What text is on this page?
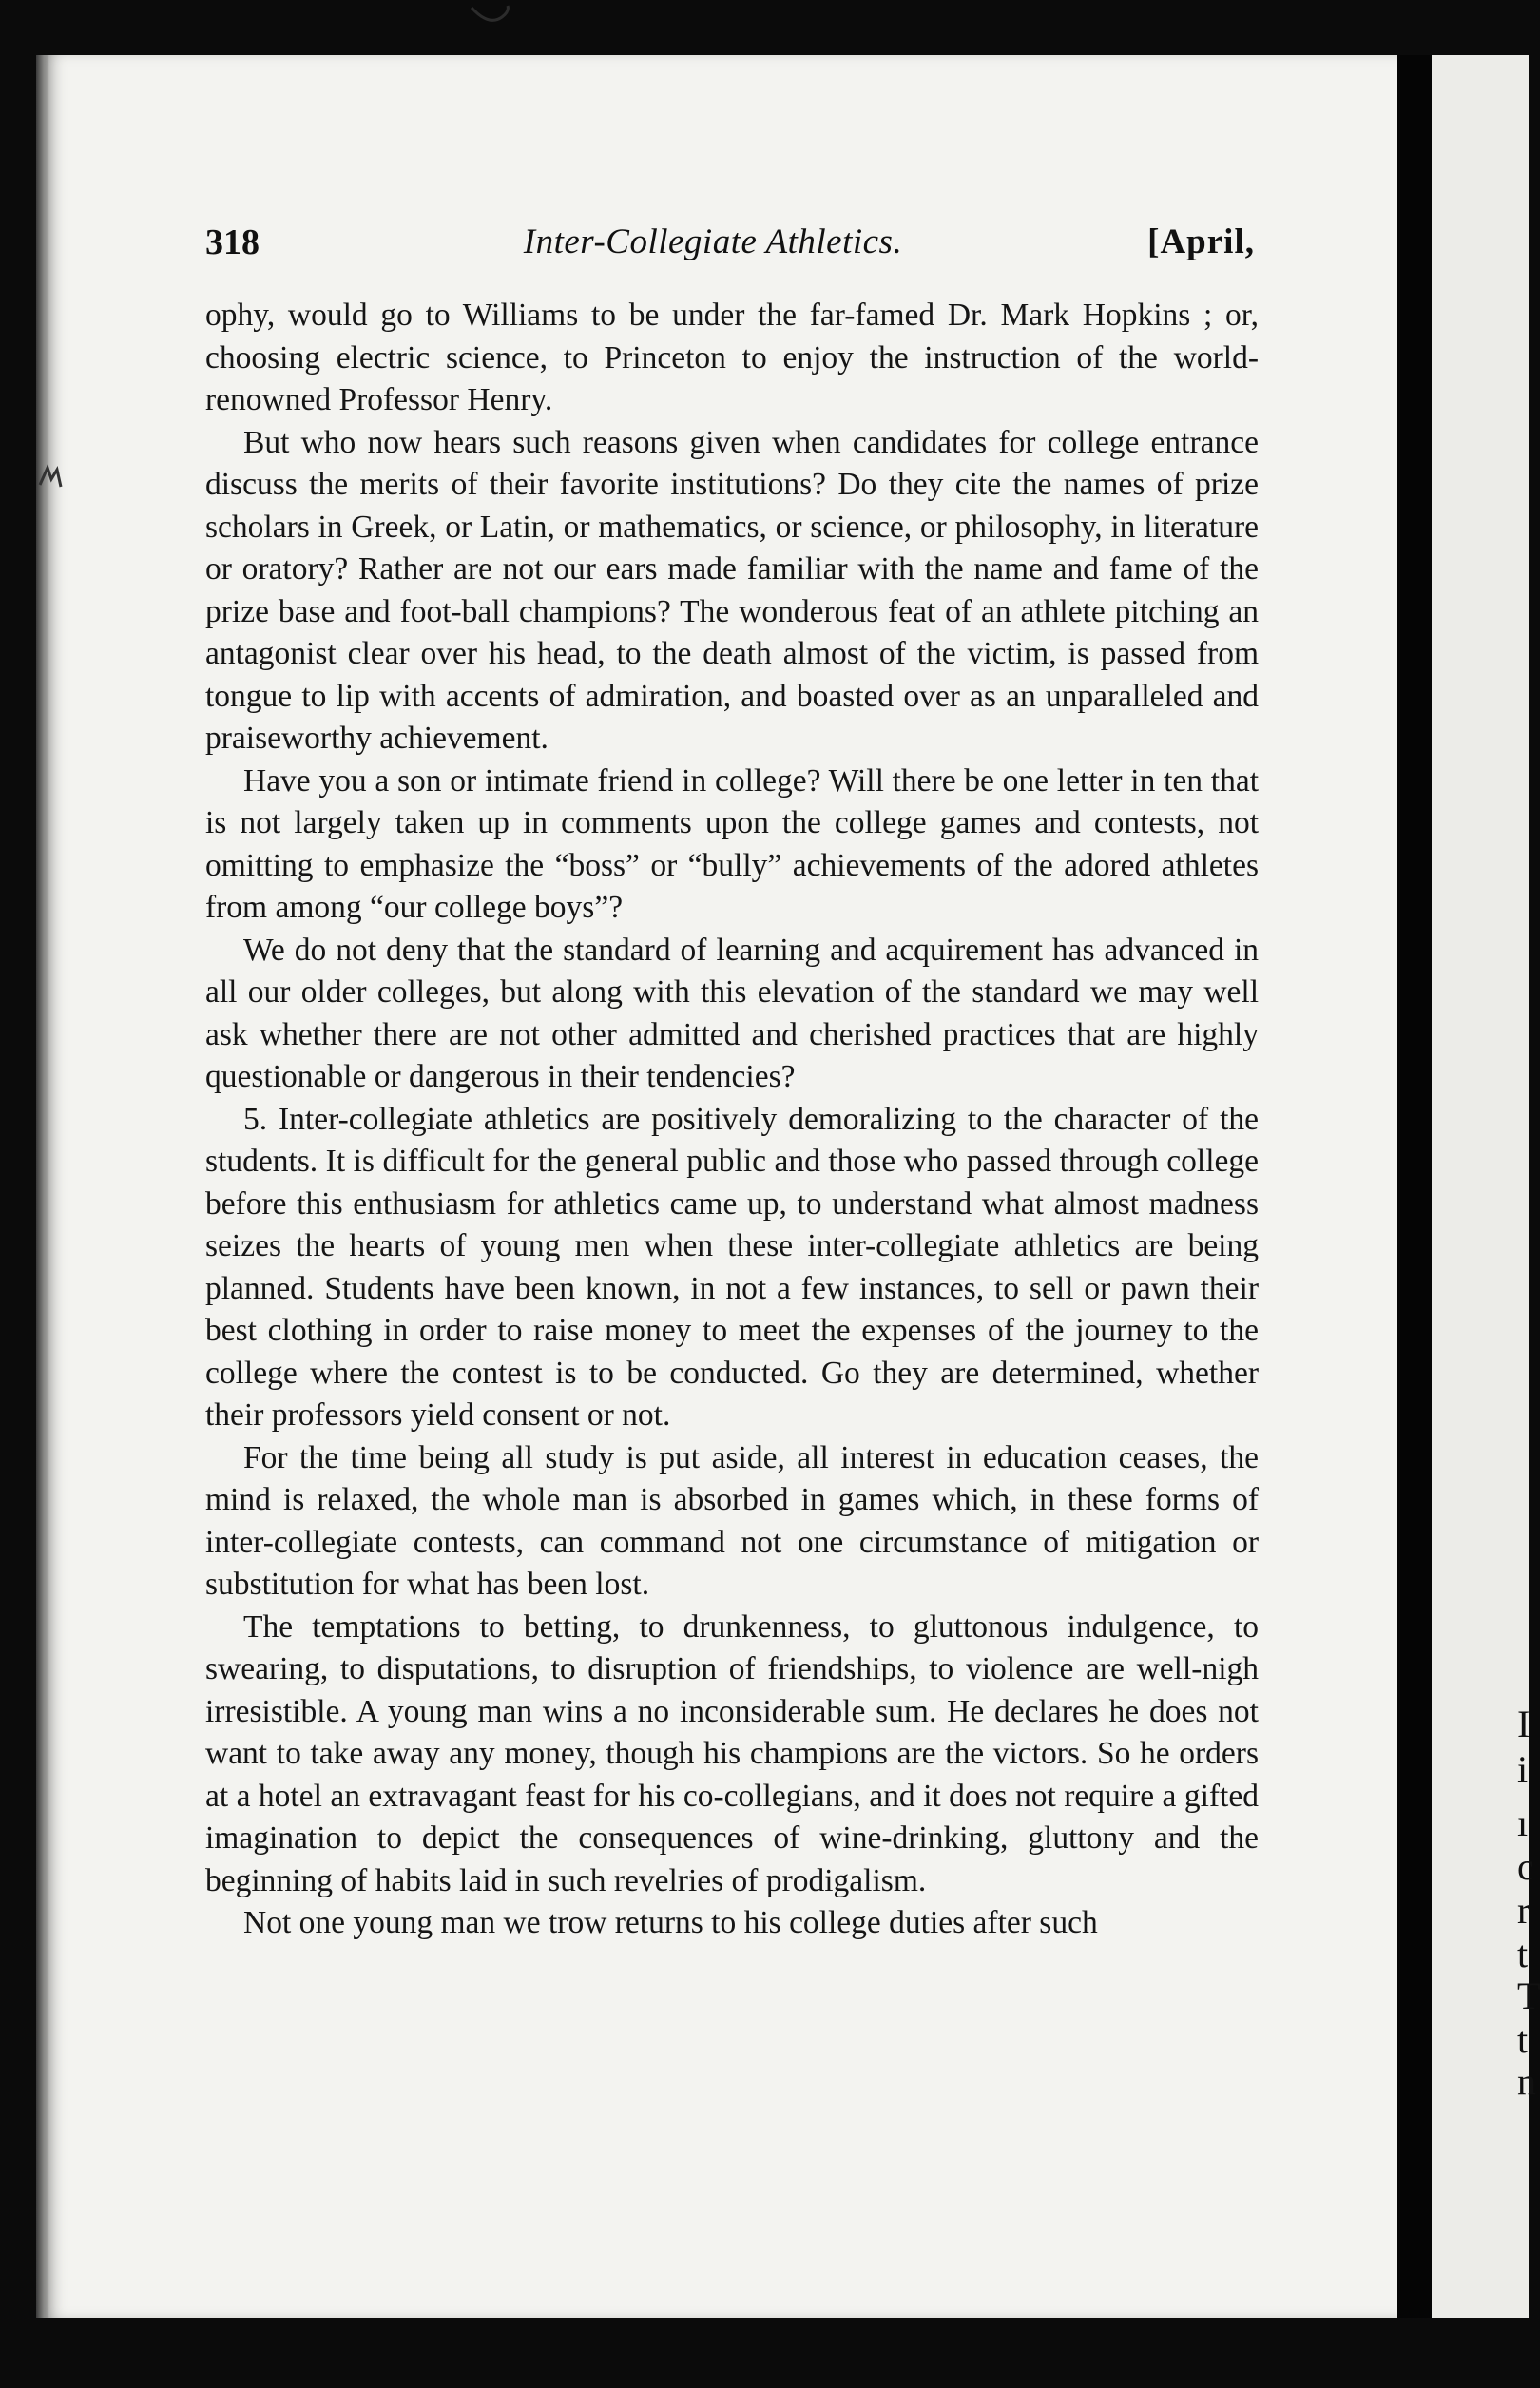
I
i
ı
c
r
t
T
t
n
318	Inter-Collegiate Athletics.	[April,

ophy, would go to Williams to be under the far-famed Dr. Mark Hopkins ; or, choosing electric science, to Princeton to enjoy the instruction of the world-renowned Professor Henry.

But who now hears such reasons given when candidates for college entrance discuss the merits of their favorite institutions? Do they cite the names of prize scholars in Greek, or Latin, or mathematics, or science, or philosophy, in literature or oratory? Rather are not our ears made familiar with the name and fame of the prize base and foot-ball champions? The wonderous feat of an athlete pitching an antagonist clear over his head, to the death almost of the victim, is passed from tongue to lip with accents of admiration, and boasted over as an unparalleled and praiseworthy achievement.

Have you a son or intimate friend in college? Will there be one letter in ten that is not largely taken up in comments upon the college games and contests, not omitting to emphasize the “boss” or “bully” achievements of the adored athletes from among “our college boys”?

We do not deny that the standard of learning and acquirement has advanced in all our older colleges, but along with this elevation of the standard we may well ask whether there are not other admitted and cherished practices that are highly questionable or dangerous in their tendencies?

5. Inter-collegiate athletics are positively demoralizing to the character of the students. It is difficult for the general public and those who passed through college before this enthusiasm for athletics came up, to understand what almost madness seizes the hearts of young men when these inter-collegiate athletics are being planned. Students have been known, in not a few instances, to sell or pawn their best clothing in order to raise money to meet the expenses of the journey to the college where the contest is to be conducted. Go they are determined, whether their professors yield consent or not.

For the time being all study is put aside, all interest in education ceases, the mind is relaxed, the whole man is absorbed in games which, in these forms of inter-collegiate contests, can command not one circumstance of mitigation or substitution for what has been lost.

The temptations to betting, to drunkenness, to gluttonous indulgence, to swearing, to disputations, to disruption of friendships, to violence are well-nigh irresistible. A young man wins a no inconsiderable sum. He declares he does not want to take away any money, though his champions are the victors. So he orders at a hotel an extravagant feast for his co-collegians, and it does not require a gifted imagination to depict the consequences of wine-drinking, gluttony and the beginning of habits laid in such revelries of prodigalism.

Not one young man we trow returns to his college duties after such
